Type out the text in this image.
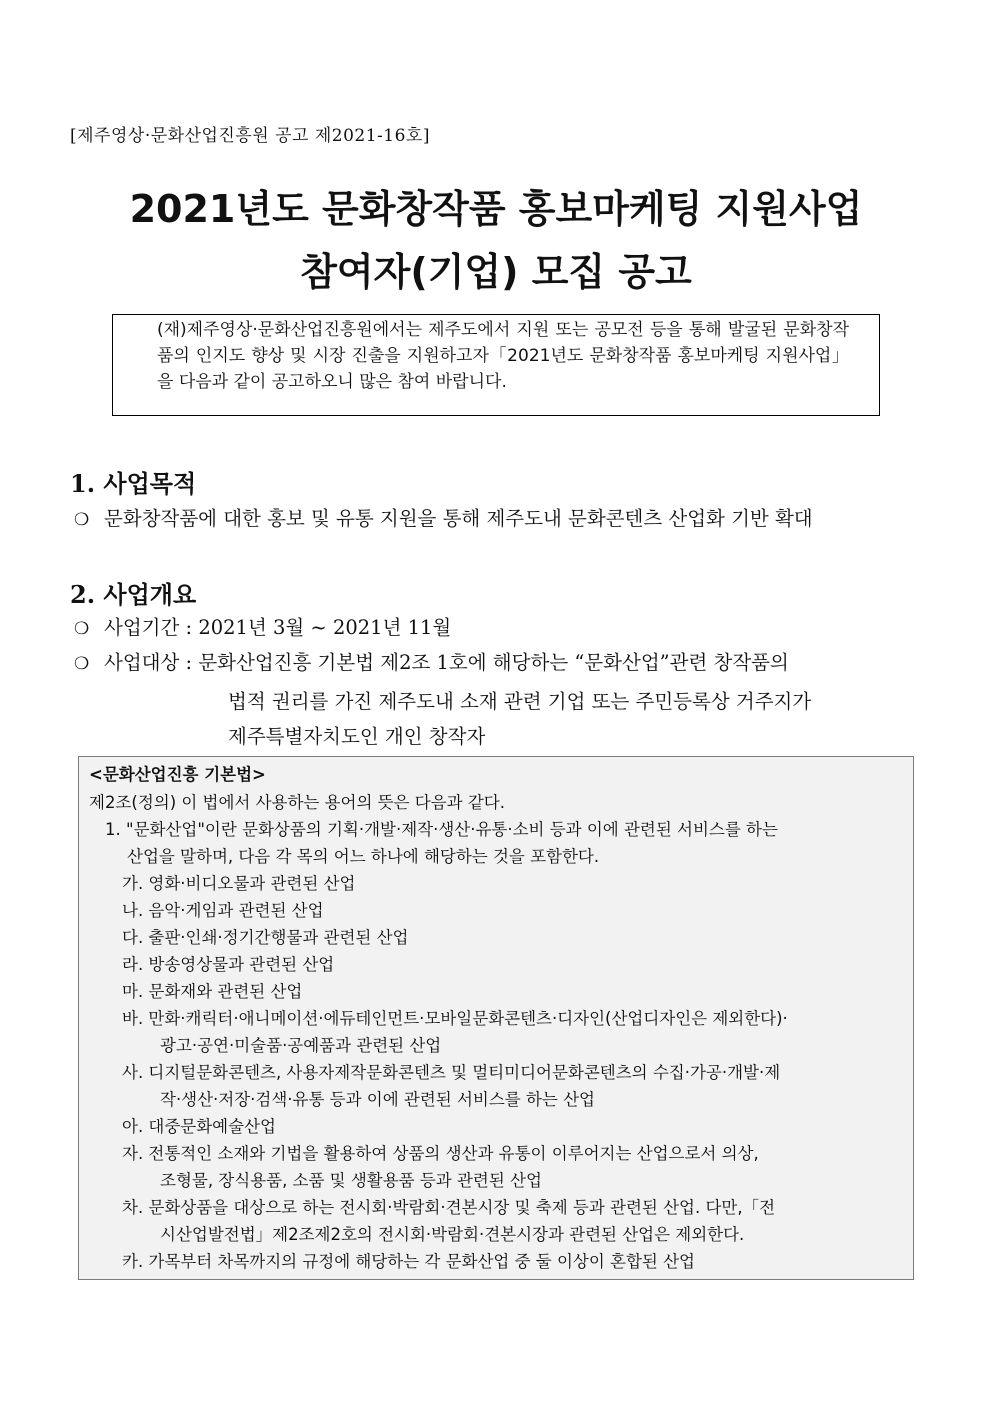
[제주영상·문화산업진흥원 공고 제2021-16호]
2021년도 문화창작품 홍보마케팅 지원사업
참여자(기업) 모집 공고
(재)제주영상·문화산업진흥원에서는 제주도에서 지원 또는 공모전 등을 통해 발굴된 문화창작품의 인지도 향상 및 시장 진출을 지원하고자「2021년도 문화창작품 홍보마케팅 지원사업」을 다음과 같이 공고하오니 많은 참여 바랍니다.
1. 사업목적
❍ 문화창작품에 대한 홍보 및 유통 지원을 통해 제주도내 문화콘텐츠 산업화 기반 확대
2. 사업개요
❍ 사업기간 : 2021년 3월 ~ 2021년 11월
❍ 사업대상 : 문화산업진흥 기본법 제2조 1호에 해당하는 “문화산업”관련 창작품의
법적 권리를 가진 제주도내 소재 관련 기업 또는 주민등록상 거주지가
제주특별자치도인 개인 창작자
<문화산업진흥 기본법>
제2조(정의) 이 법에서 사용하는 용어의 뜻은 다음과 같다.
1. "문화산업"이란 문화상품의 기획·개발·제작·생산·유통·소비 등과 이에 관련된 서비스를 하는
산업을 말하며, 다음 각 목의 어느 하나에 해당하는 것을 포함한다.
가. 영화·비디오물과 관련된 산업
나. 음악·게임과 관련된 산업
다. 출판·인쇄·정기간행물과 관련된 산업
라. 방송영상물과 관련된 산업
마. 문화재와 관련된 산업
바. 만화·캐릭터·애니메이션·에듀테인먼트·모바일문화콘텐츠·디자인(산업디자인은 제외한다)·
광고·공연·미술품·공예품과 관련된 산업
사. 디지털문화콘텐츠, 사용자제작문화콘텐츠 및 멀티미디어문화콘텐츠의 수집·가공·개발·제
작·생산·저장·검색·유통 등과 이에 관련된 서비스를 하는 산업
아. 대중문화예술산업
자. 전통적인 소재와 기법을 활용하여 상품의 생산과 유통이 이루어지는 산업으로서 의상,
조형물, 장식용품, 소품 및 생활용품 등과 관련된 산업
차. 문화상품을 대상으로 하는 전시회·박람회·견본시장 및 축제 등과 관련된 산업. 다만,「전
시산업발전법」제2조제2호의 전시회·박람회·견본시장과 관련된 산업은 제외한다.
카. 가목부터 차목까지의 규정에 해당하는 각 문화산업 중 둘 이상이 혼합된 산업
